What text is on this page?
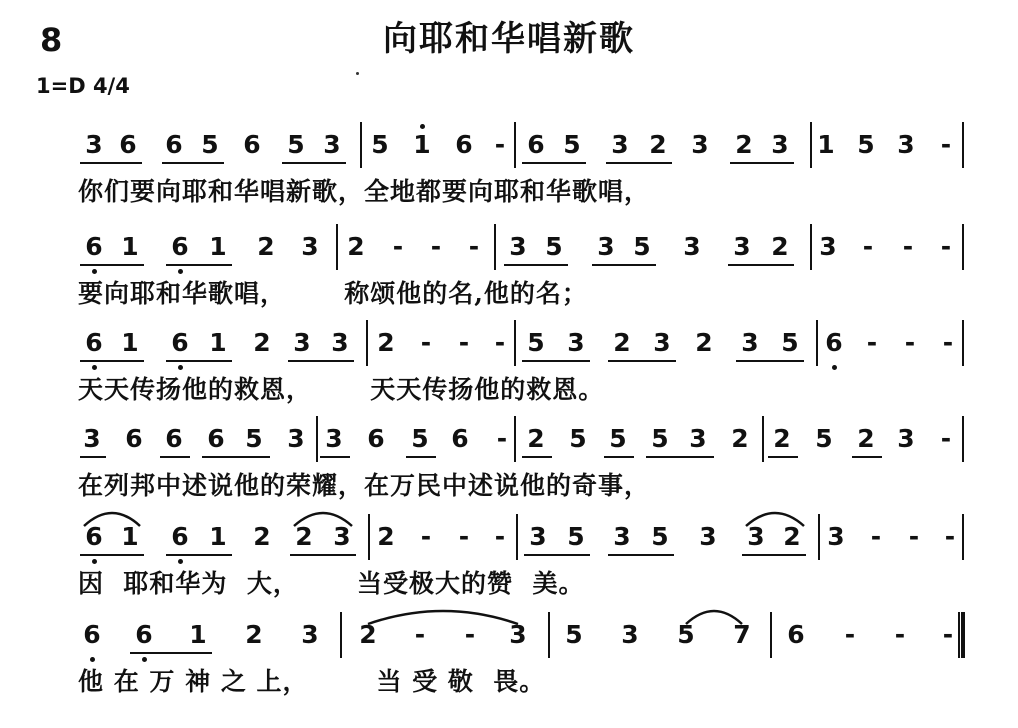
8	向耶和华唱新歌
1=D 4/4
3 6 6 5 6 5 3 5 1 6 - 6 5 3 2 3 2 3 1 5 3	-
你们要向耶和华唱新歌，全地都要向耶和华歌唱，
6 1 6 1 2 3 2	-	-	-	3 5 3 5 3 3 2 3	-	-	-
要向耶和华歌唱，      称颂他的名,他的名；
6 1 6 1 2 3 3 2	-	-	- 5 3 2 3 2 3 5 6 -	-	-
天天传扬他的救恩，      天天传扬他的救恩。
3 6 6 6 5 3 3 6 5 6	- 2 5 5 5 3 2 2 5 2 3	-
在列邦中述说他的荣耀，在万民中述说他的奇事，
6 1 6 1 2 2 3 2	-	-	- 3 5 3 5 3 3 2 3	-	-	-
因  耶和华为  大，      当受极大的赞  美。
6 6 1 2 3 2	-	-	3 5 3 5 7 6	-	-	-
他 在 万 神 之 上，       当 受 敬  畏。
